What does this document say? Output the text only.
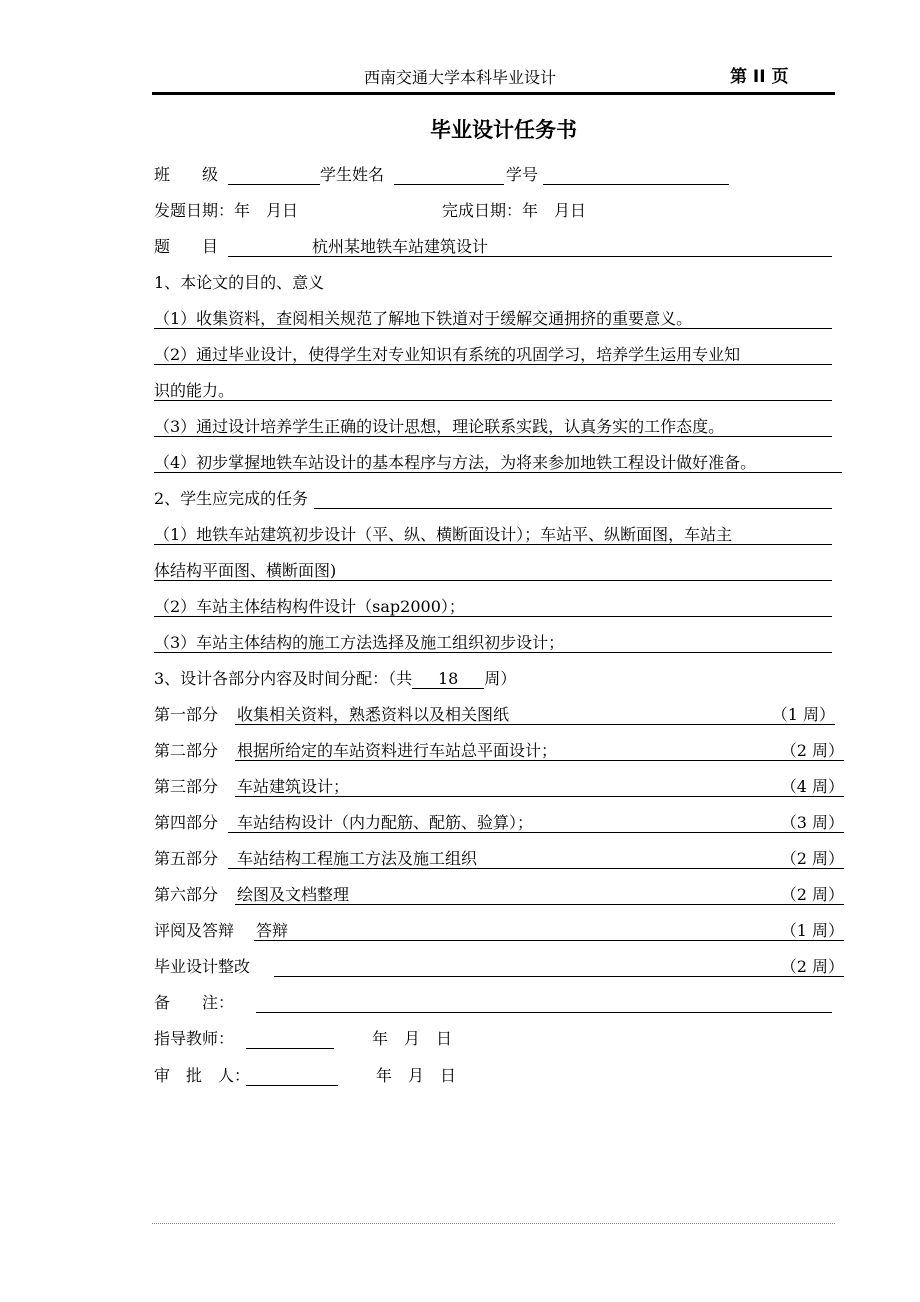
西南交通大学本科毕业设计	第 II 页
毕业设计任务书
班　　级	学生姓名	学号
发题日期：年　月日	完成日期：年　月日
题　　目	杭州某地铁车站建筑设计
1、本论文的目的、意义
（1）收集资料，查阅相关规范了解地下铁道对于缓解交通拥挤的重要意义。
（2）通过毕业设计，使得学生对专业知识有系统的巩固学习，培养学生运用专业知
识的能力。
（3）通过设计培养学生正确的设计思想，理论联系实践，认真务实的工作态度。
（4）初步掌握地铁车站设计的基本程序与方法，为将来参加地铁工程设计做好准备。
2、学生应完成的任务
（1）地铁车站建筑初步设计（平、纵、横断面设计）；车站平、纵断面图，车站主
体结构平面图、横断面图)
（2）车站主体结构构件设计（sap2000）；
（3）车站主体结构的施工方法选择及施工组织初步设计；
3、设计各部分内容及时间分配：（共 18 周）
第一部分 收集相关资料，熟悉资料以及相关图纸	（1 周）
第二部分 根据所给定的车站资料进行车站总平面设计；	（2 周）
第三部分 车站建筑设计；	（4 周）
第四部分 车站结构设计（内力配筋、配筋、验算）；	（3 周）
第五部分 车站结构工程施工方法及施工组织	（2 周）
第六部分 绘图及文档整理	（2 周）
评阅及答辩 答辩	（1 周）
毕业设计整改	（2 周）
备　　注：
指导教师：	年　月　日
审　批　人：	年　月　日
